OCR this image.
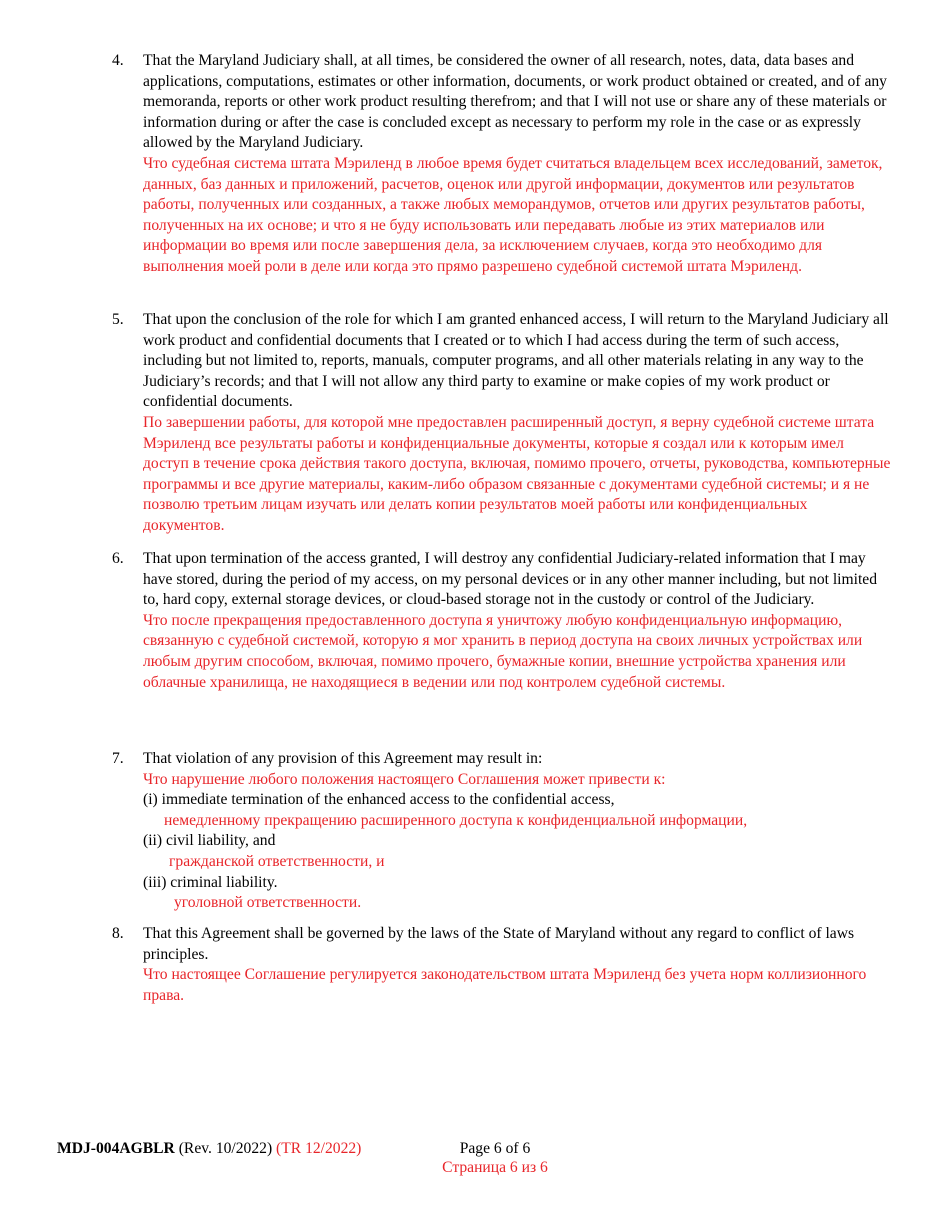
4.	That the Maryland Judiciary shall, at all times, be considered the owner of all research, notes, data, data bases and applications, computations, estimates or other information, documents, or work product obtained or created, and of any memoranda, reports or other work product resulting therefrom; and that I will not use or share any of these materials or information during or after the case is concluded except as necessary to perform my role in the case or as expressly allowed by the Maryland Judiciary.
Что судебная система штата Мэриленд в любое время будет считаться владельцем всех исследований, заметок, данных, баз данных и приложений, расчетов, оценок или другой информации, документов или результатов работы, полученных или созданных, а также любых меморандумов, отчетов или других результатов работы, полученных на их основе; и что я не буду использовать или передавать любые из этих материалов или информации во время или после завершения дела, за исключением случаев, когда это необходимо для выполнения моей роли в деле или когда это прямо разрешено судебной системой штата Мэриленд.
5.	That upon the conclusion of the role for which I am granted enhanced access, I will return to the Maryland Judiciary all work product and confidential documents that I created or to which I had access during the term of such access, including but not limited to, reports, manuals, computer programs, and all other materials relating in any way to the Judiciary’s records; and that I will not allow any third party to examine or make copies of my work product or confidential documents.
По завершении работы, для которой мне предоставлен расширенный доступ, я верну судебной системе штата Мэриленд все результаты работы и конфиденциальные документы, которые я создал или к которым имел доступ в течение срока действия такого доступа, включая, помимо прочего, отчеты, руководства, компьютерные программы и все другие материалы, каким-либо образом связанные с документами судебной системы; и я не позволю третьим лицам изучать или делать копии результатов моей работы или конфиденциальных документов.
6.	That upon termination of the access granted, I will destroy any confidential Judiciary-related information that I may have stored, during the period of my access, on my personal devices or in any other manner including, but not limited to, hard copy, external storage devices, or cloud-based storage not in the custody or control of the Judiciary.
Что после прекращения предоставленного доступа я уничтожу любую конфиденциальную информацию, связанную с судебной системой, которую я мог хранить в период доступа на своих личных устройствах или любым другим способом, включая, помимо прочего, бумажные копии, внешние устройства хранения или облачные хранилища, не находящиеся в ведении или под контролем судебной системы.
7.	That violation of any provision of this Agreement may result in:
Что нарушение любого положения настоящего Соглашения может привести к:
(i) immediate termination of the enhanced access to the confidential access,
немедленному прекращению расширенного доступа к конфиденциальной информации,
(ii) civil liability, and
гражданской ответственности, и
(iii) criminal liability.
уголовной ответственности.
8.	That this Agreement shall be governed by the laws of the State of Maryland without any regard to conflict of laws principles.
Что настоящее Соглашение регулируется законодательством штата Мэриленд без учета норм коллизионного права.
MDJ-004AGBLR (Rev. 10/2022) (TR 12/2022)	Page 6 of 6
Страница 6 из 6
